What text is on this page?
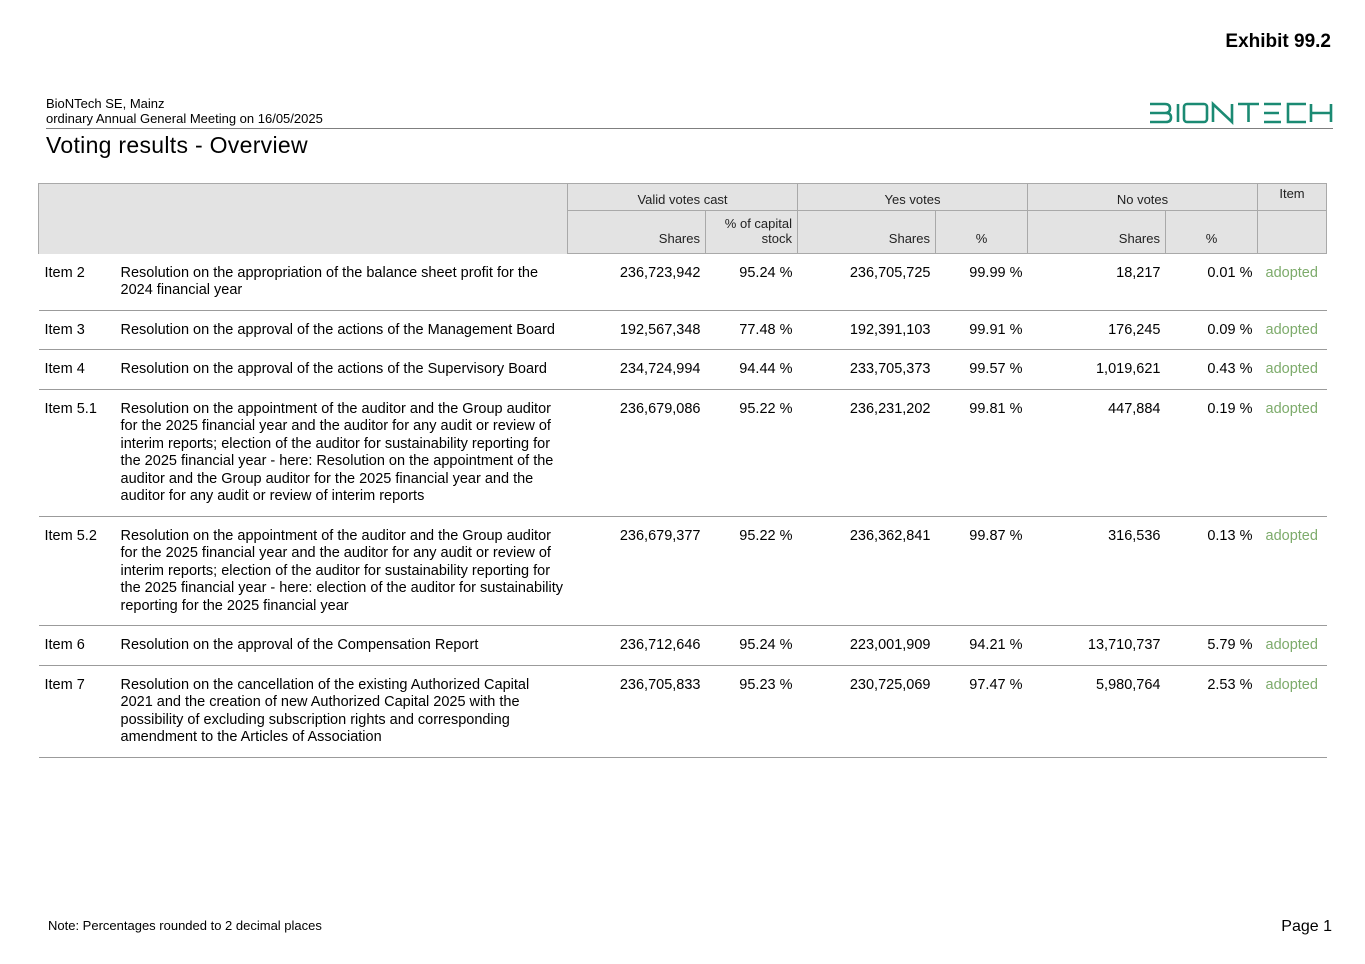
Exhibit 99.2
BioNTech SE, Mainz
ordinary Annual General Meeting on 16/05/2025
BIONTECH
Voting results - Overview
		Valid votes cast		Yes votes		No votes		Item
		Shares	% of capital stock	Shares	%	Shares	%	
Item 2	Resolution on the appropriation of the balance sheet profit for the 2024 financial year	236,723,942	95.24 %	236,705,725	99.99 %	18,217	0.01 %	adopted
Item 3	Resolution on the approval of the actions of the Management Board	192,567,348	77.48 %	192,391,103	99.91 %	176,245	0.09 %	adopted
Item 4	Resolution on the approval of the actions of the Supervisory Board	234,724,994	94.44 %	233,705,373	99.57 %	1,019,621	0.43 %	adopted
Item 5.1	Resolution on the appointment of the auditor and the Group auditor for the 2025 financial year and the auditor for any audit or review of interim reports; election of the auditor for sustainability reporting for the 2025 financial year - here: Resolution on the appointment of the auditor and the Group auditor for the 2025 financial year and the auditor for any audit or review of interim reports	236,679,086	95.22 %	236,231,202	99.81 %	447,884	0.19 %	adopted
Item 5.2	Resolution on the appointment of the auditor and the Group auditor for the 2025 financial year and the auditor for any audit or review of interim reports; election of the auditor for sustainability reporting for the 2025 financial year - here: election of the auditor for sustainability reporting for the 2025 financial year	236,679,377	95.22 %	236,362,841	99.87 %	316,536	0.13 %	adopted
Item 6	Resolution on the approval of the Compensation Report	236,712,646	95.24 %	223,001,909	94.21 %	13,710,737	5.79 %	adopted
Item 7	Resolution on the cancellation of the existing Authorized Capital 2021 and the creation of new Authorized Capital 2025 with the possibility of excluding subscription rights and corresponding amendment to the Articles of Association	236,705,833	95.23 %	230,725,069	97.47 %	5,980,764	2.53 %	adopted
Note: Percentages rounded to 2 decimal places	Page 1
